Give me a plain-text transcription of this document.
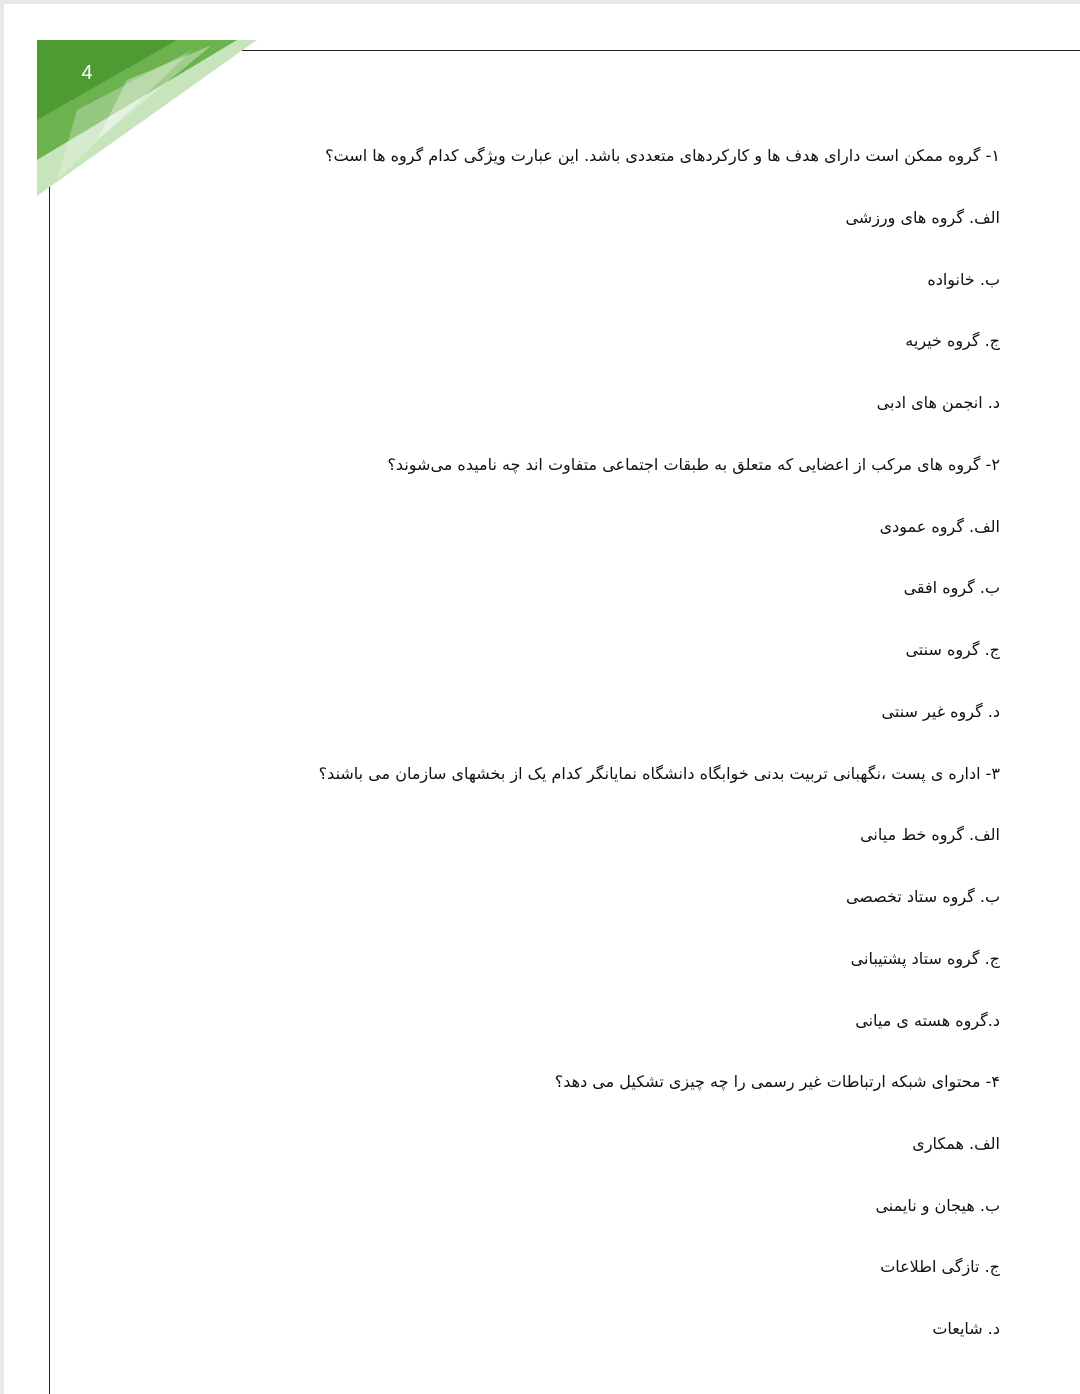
4
۱- گروه ممکن است دارای هدف ها و کارکردهای متعددی باشد. این عبارت ویژگی کدام گروه ها است؟
الف. گروه های ورزشی
ب. خانواده
ج. گروه خیریه
د. انجمن های ادبی
۲- گروه های مرکب از اعضایی که متعلق به طبقات اجتماعی متفاوت اند چه نامیده می‌شوند؟
الف. گروه عمودی
ب. گروه افقی
ج. گروه سنتی
د. گروه غیر سنتی
۳- اداره ی پست ،نگهبانی تربیت بدنی خوابگاه دانشگاه نمایانگر کدام یک از بخشهای سازمان می باشند؟
الف. گروه خط میانی
ب. گروه ستاد تخصصی
ج. گروه ستاد پشتیبانی
د.گروه هسته ی میانی
۴- محتوای شبکه ارتباطات غیر رسمی را چه چیزی تشکیل می دهد؟
الف. همکاری
ب. هیجان و نایمنی
ج. تازگی اطلاعات
د. شایعات
